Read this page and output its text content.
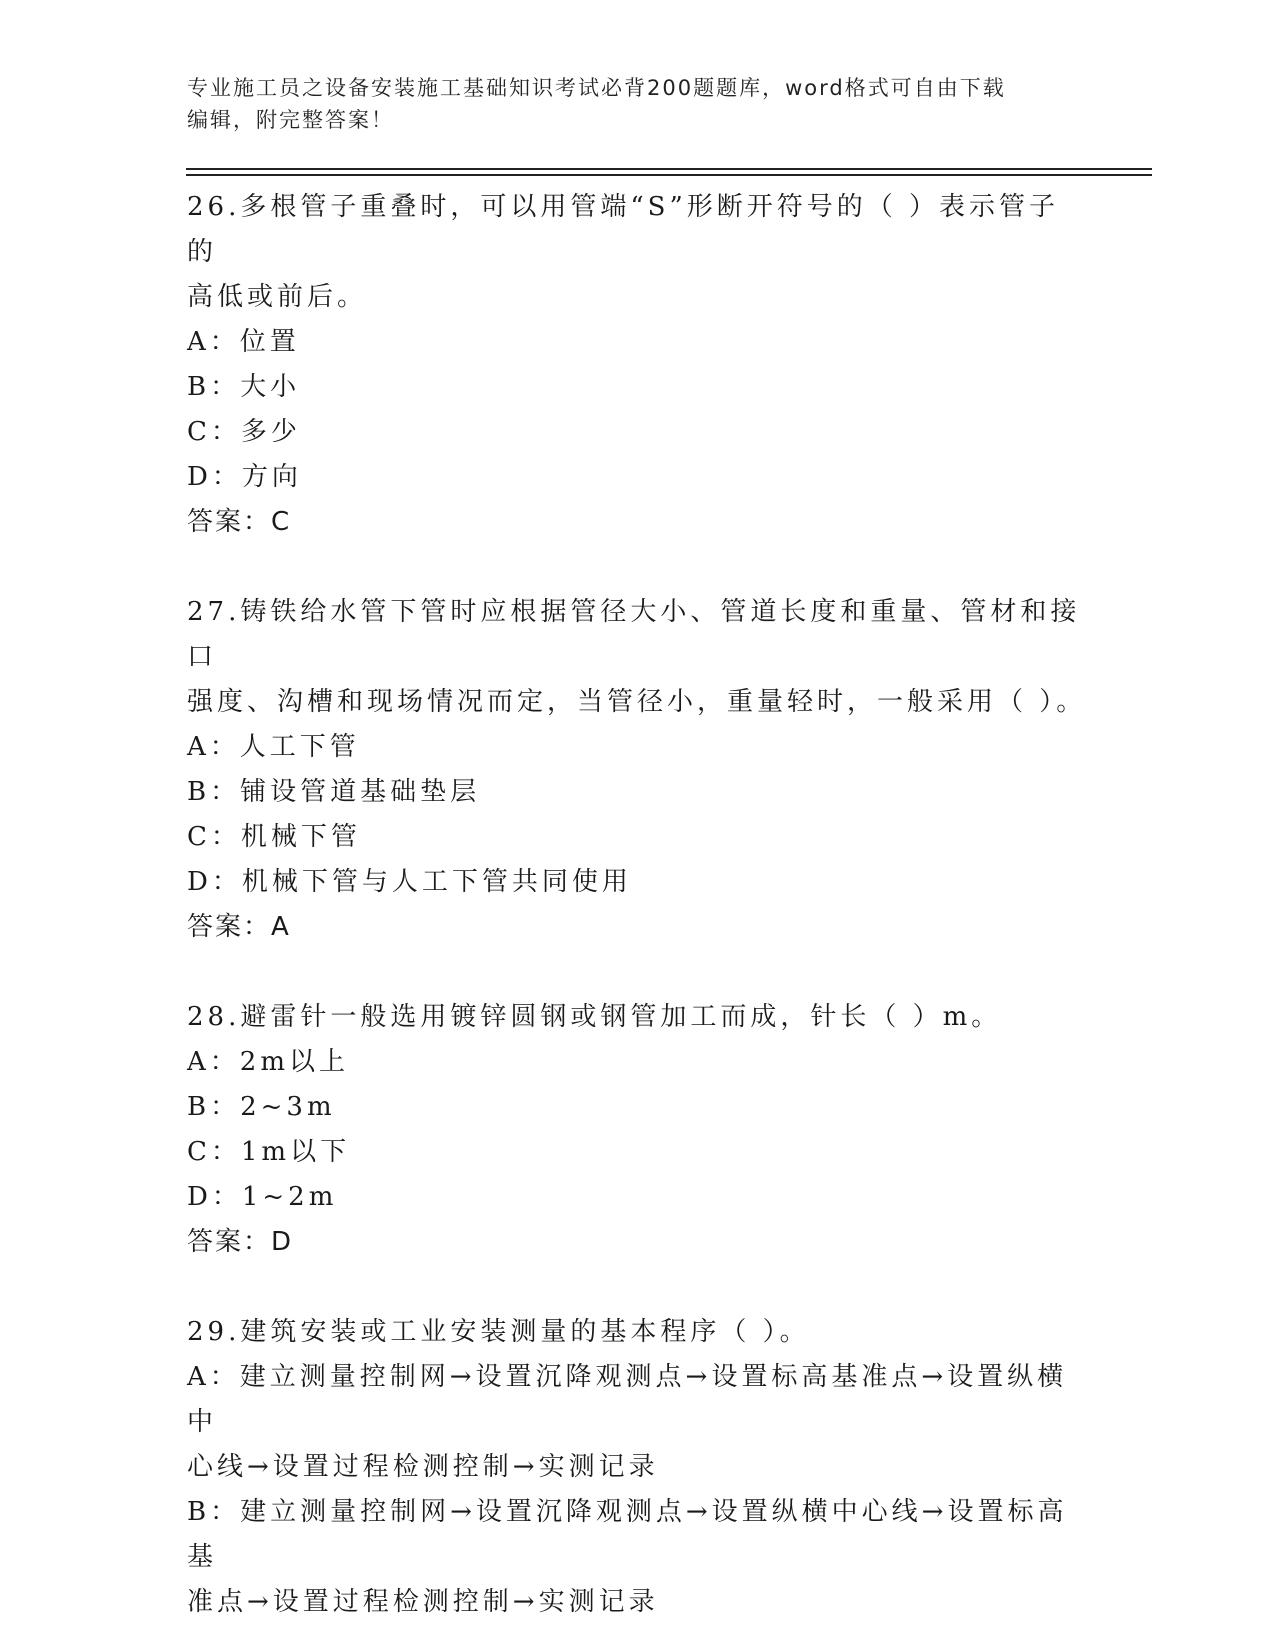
专业施工员之设备安装施工基础知识考试必背200题题库，word格式可自由下载
编辑，附完整答案！
26.多根管子重叠时，可以用管端“S”形断开符号的（ ）表示管子的
高低或前后。
A：位置
B：大小
C：多少
D：方向
答案：C
27.铸铁给水管下管时应根据管径大小、管道长度和重量、管材和接口
强度、沟槽和现场情况而定，当管径小，重量轻时，一般采用（ ）。
A：人工下管
B：铺设管道基础垫层
C：机械下管
D：机械下管与人工下管共同使用
答案：A
28.避雷针一般选用镀锌圆钢或钢管加工而成，针长（ ）m。
A：2m以上
B：2~3m
C：1m以下
D：1~2m
答案：D
29.建筑安装或工业安装测量的基本程序（ ）。
A：建立测量控制网→设置沉降观测点→设置标高基准点→设置纵横中
心线→设置过程检测控制→实测记录
B：建立测量控制网→设置沉降观测点→设置纵横中心线→设置标高基
准点→设置过程检测控制→实测记录
